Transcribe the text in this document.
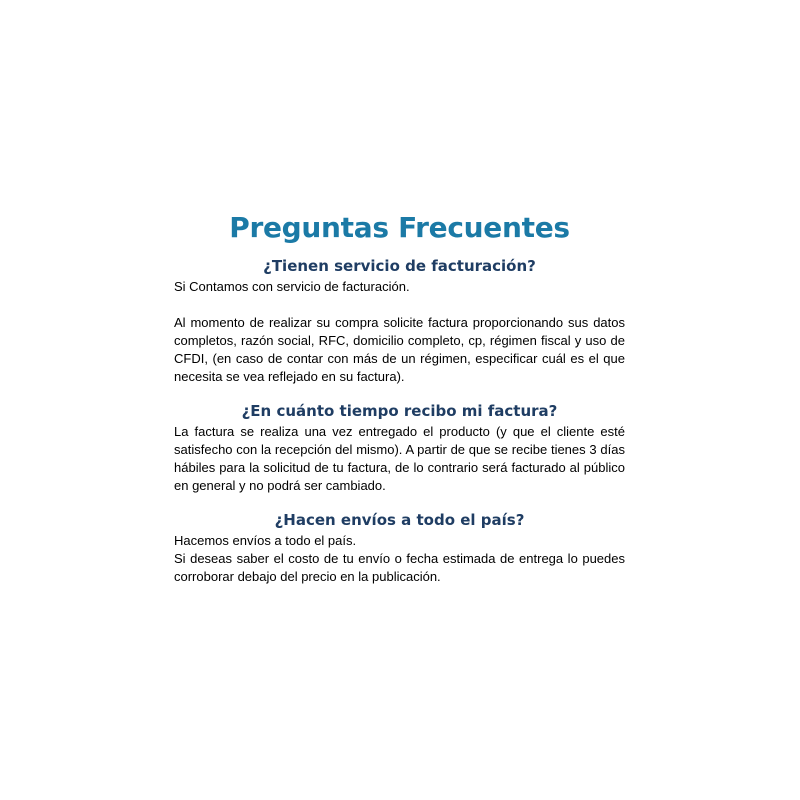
Preguntas Frecuentes
¿Tienen servicio de facturación?

Si Contamos con servicio de facturación.

Al momento de realizar su compra solicite factura proporcionando sus datos completos, razón social, RFC, domicilio completo, cp, régimen fiscal y uso de CFDI, (en caso de contar con más de un régimen, especificar cuál es el que necesita se vea reflejado en su factura).

¿En cuánto tiempo recibo mi factura?

La factura se realiza una vez entregado el producto (y que el cliente esté satisfecho con la recepción del mismo). A partir de que se recibe tienes 3 días hábiles para la solicitud de tu factura, de lo contrario será facturado al público en general y no podrá ser cambiado.

¿Hacen envíos a todo el país?

Hacemos envíos a todo el país.

Si deseas saber el costo de tu envío o fecha estimada de entrega lo puedes corroborar debajo del precio en la publicación.
